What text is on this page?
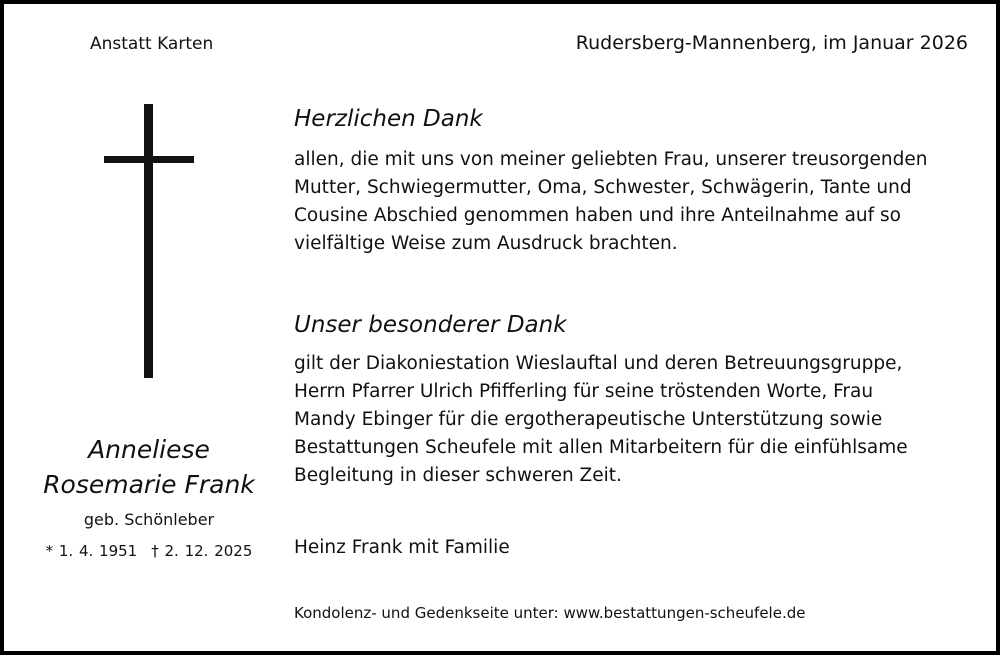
Anstatt Karten	Rudersberg-Mannenberg, im Januar 2026
Anneliese
Rosemarie Frank
geb. Schönleber
* 1. 4. 1951 † 2. 12. 2025
Herzlichen Dank
allen, die mit uns von meiner geliebten Frau, unserer treusorgenden
Mutter, Schwiegermutter, Oma, Schwester, Schwägerin, Tante und
Cousine Abschied genommen haben und ihre Anteilnahme auf so
vielfältige Weise zum Ausdruck brachten.
Unser besonderer Dank
gilt der Diakoniestation Wieslauftal und deren Betreuungsgruppe,
Herrn Pfarrer Ulrich Pfifferling für seine tröstenden Worte, Frau
Mandy Ebinger für die ergotherapeutische Unterstützung sowie
Bestattungen Scheufele mit allen Mitarbeitern für die einfühlsame
Begleitung in dieser schweren Zeit.
Heinz Frank mit Familie
Kondolenz- und Gedenkseite unter: www.bestattungen-scheufele.de
